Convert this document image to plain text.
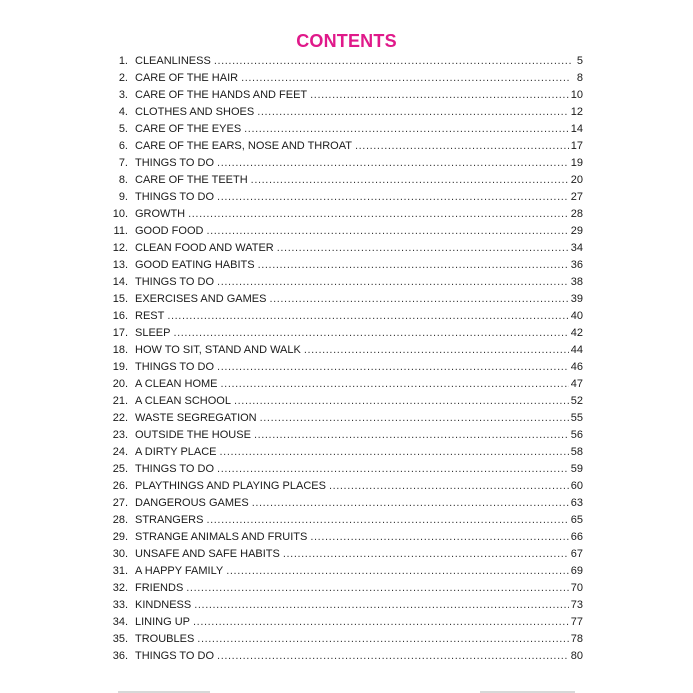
CONTENTS
1. CLEANLINESS .....	5
2. CARE OF THE HAIR .....	8
3. CARE OF THE HANDS AND FEET .....	10
4. CLOTHES AND SHOES .....	12
5. CARE OF THE EYES .....	14
6. CARE OF THE EARS, NOSE AND THROAT .....	17
7. THINGS TO DO .....	19
8. CARE OF THE TEETH .....	20
9. THINGS TO DO .....	27
10. GROWTH .....	28
11. GOOD FOOD .....	29
12. CLEAN FOOD AND WATER .....	34
13. GOOD EATING HABITS .....	36
14. THINGS TO DO .....	38
15. EXERCISES AND GAMES .....	39
16. REST .....	40
17. SLEEP .....	42
18. HOW TO SIT, STAND AND WALK .....	44
19. THINGS TO DO .....	46
20. A CLEAN HOME .....	47
21. A CLEAN SCHOOL .....	52
22. WASTE SEGREGATION .....	55
23. OUTSIDE THE HOUSE .....	56
24. A DIRTY PLACE .....	58
25. THINGS TO DO .....	59
26. PLAYTHINGS AND PLAYING PLACES .....	60
27. DANGEROUS GAMES .....	63
28. STRANGERS .....	65
29. STRANGE ANIMALS AND FRUITS .....	66
30. UNSAFE AND SAFE HABITS .....	67
31. A HAPPY FAMILY .....	69
32. FRIENDS .....	70
33. KINDNESS .....	73
34. LINING UP .....	77
35. TROUBLES .....	78
36. THINGS TO DO .....	80
